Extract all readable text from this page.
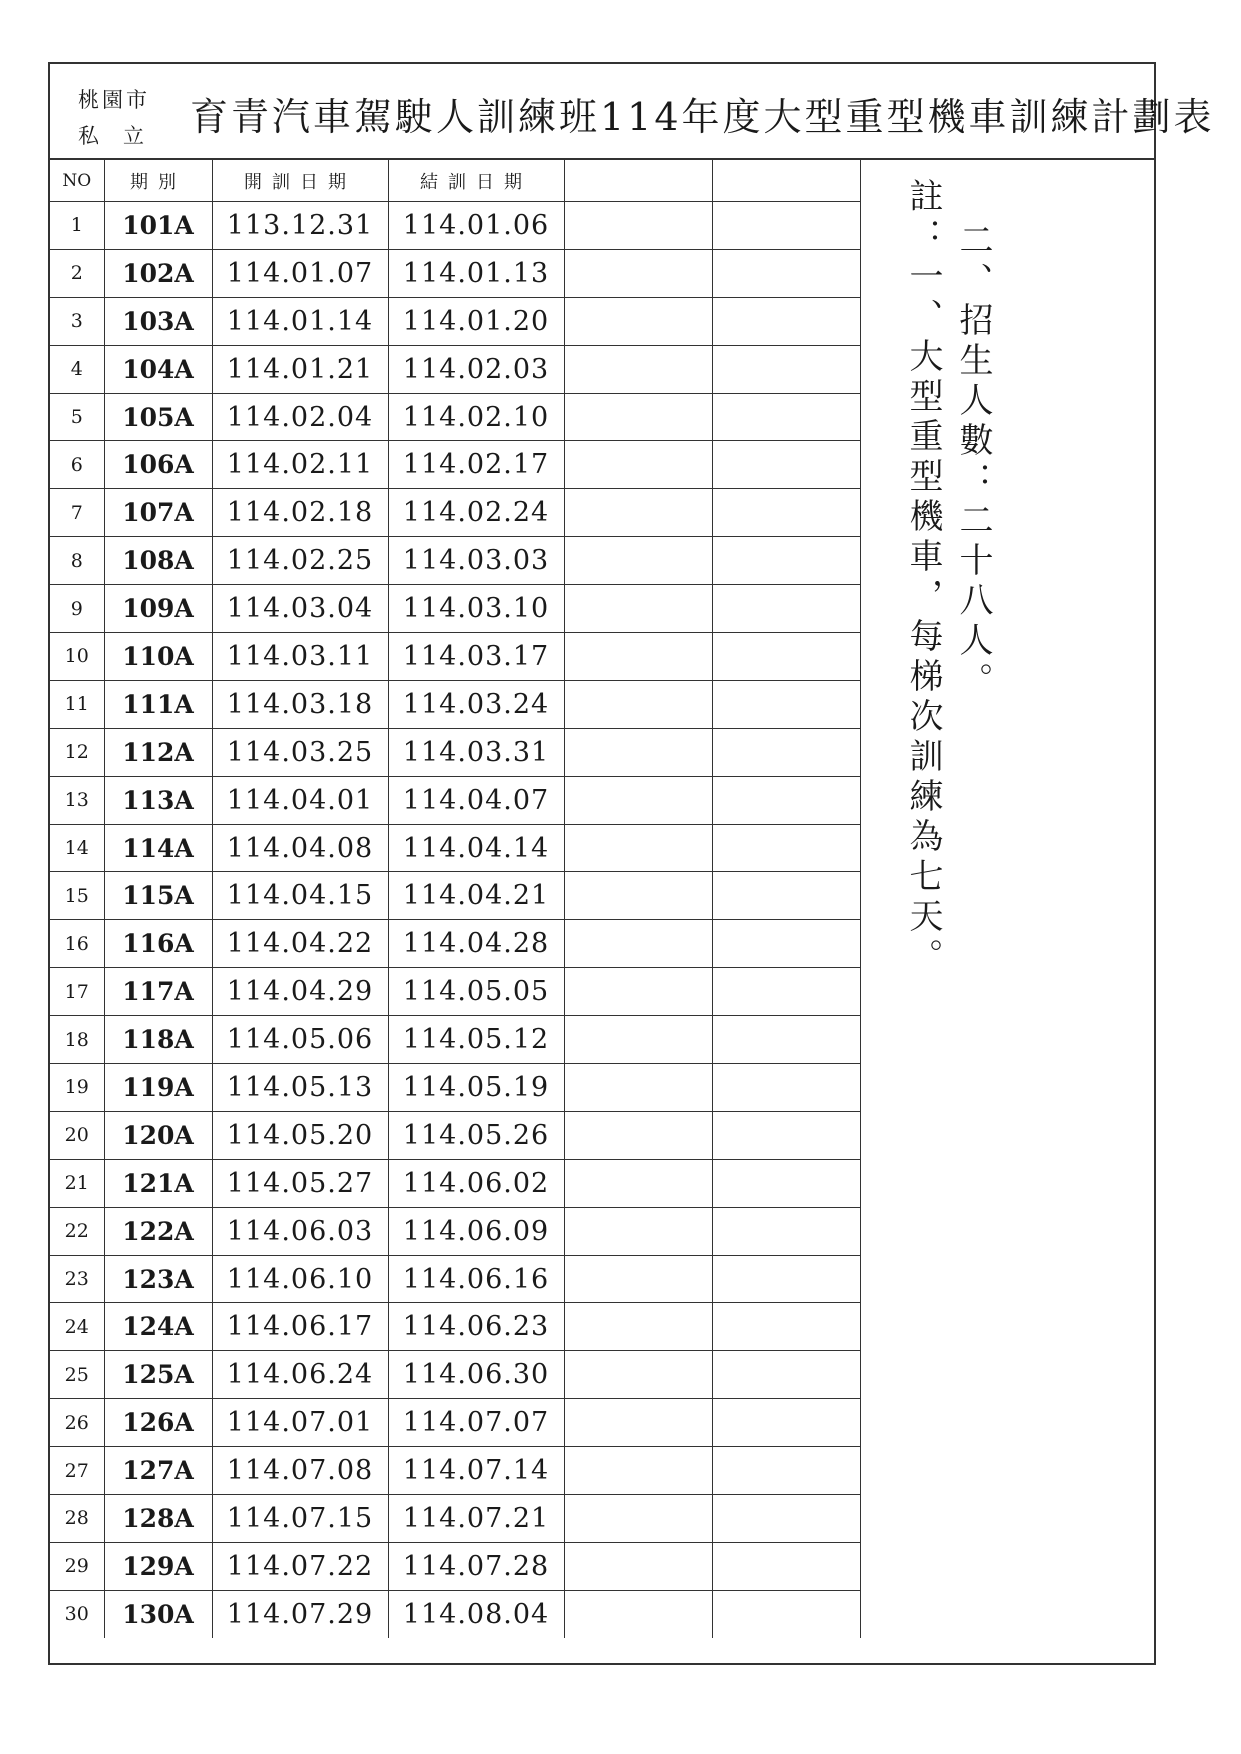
桃園市
私立 育青汽車駕駛人訓練班114年度大型重型機車訓練計劃表
NO	期別	開訓日期	結訓日期		
1	101A	113.12.31	114.01.06		
2	102A	114.01.07	114.01.13		
3	103A	114.01.14	114.01.20		
4	104A	114.01.21	114.02.03		
5	105A	114.02.04	114.02.10		
6	106A	114.02.11	114.02.17		
7	107A	114.02.18	114.02.24		
8	108A	114.02.25	114.03.03		
9	109A	114.03.04	114.03.10		
10	110A	114.03.11	114.03.17		
11	111A	114.03.18	114.03.24		
12	112A	114.03.25	114.03.31		
13	113A	114.04.01	114.04.07		
14	114A	114.04.08	114.04.14		
15	115A	114.04.15	114.04.21		
16	116A	114.04.22	114.04.28		
17	117A	114.04.29	114.05.05		
18	118A	114.05.06	114.05.12		
19	119A	114.05.13	114.05.19		
20	120A	114.05.20	114.05.26		
21	121A	114.05.27	114.06.02		
22	122A	114.06.03	114.06.09		
23	123A	114.06.10	114.06.16		
24	124A	114.06.17	114.06.23		
25	125A	114.06.24	114.06.30		
26	126A	114.07.01	114.07.07		
27	127A	114.07.08	114.07.14		
28	128A	114.07.15	114.07.21		
29	129A	114.07.22	114.07.28		
30	130A	114.07.29	114.08.04		
註：一、大型重型機車，每梯次訓練為七天。 二、招生人數：二十八人。
